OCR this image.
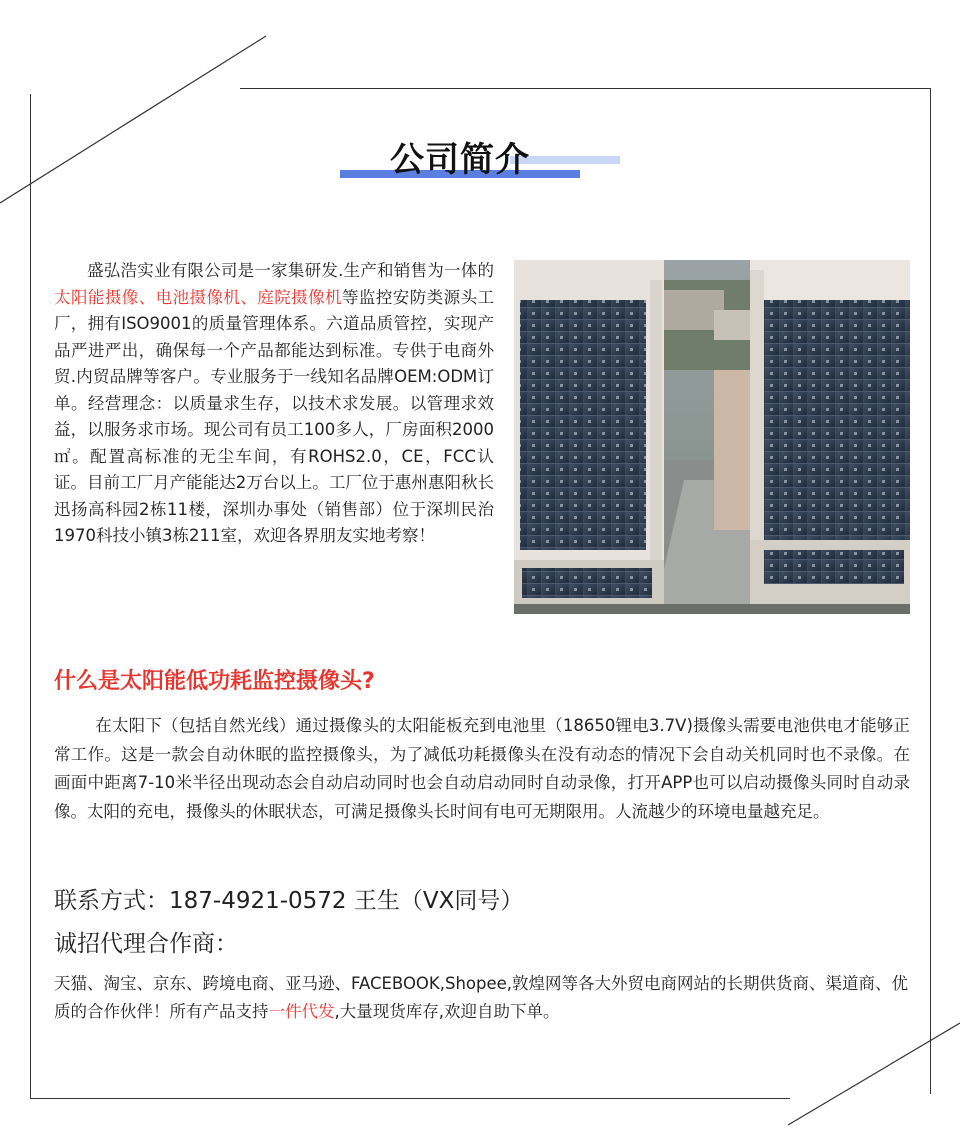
公司简介

盛弘浩实业有限公司是一家集研发.生产和销售为一体的太阳能摄像、电池摄像机、庭院摄像机等监控安防类源头工厂，拥有ISO9001的质量管理体系。六道品质管控，实现产品严进严出，确保每一个产品都能达到标准。专供于电商外贸.内贸品牌等客户。专业服务于一线知名品牌OEM:ODM订单。经营理念：以质量求生存，以技术求发展。以管理求效益，以服务求市场。现公司有员工100多人，厂房面积2000㎡。配置高标准的无尘车间，有ROHS2.0，CE，FCC认证。目前工厂月产能能达2万台以上。工厂位于惠州惠阳秋长迅扬高科园2栋11楼，深圳办事处（销售部）位于深圳民治1970科技小镇3栋211室，欢迎各界朋友实地考察！

什么是太阳能低功耗监控摄像头?

在太阳下（包括自然光线）通过摄像头的太阳能板充到电池里（18650锂电3.7V)摄像头需要电池供电才能够正常工作。这是一款会自动休眠的监控摄像头，为了减低功耗摄像头在没有动态的情况下会自动关机同时也不录像。在画面中距离7-10米半径出现动态会自动启动同时也会自动启动同时自动录像，打开APP也可以启动摄像头同时自动录像。太阳的充电，摄像头的休眠状态，可满足摄像头长时间有电可无期限用。人流越少的环境电量越充足。

联系方式：187-4921-0572 王生（VX同号）
诚招代理合作商：

天猫、淘宝、京东、跨境电商、亚马逊、FACEBOOK,Shopee,敦煌网等各大外贸电商网站的长期供货商、渠道商、优质的合作伙伴！所有产品支持一件代发,大量现货库存,欢迎自助下单。
